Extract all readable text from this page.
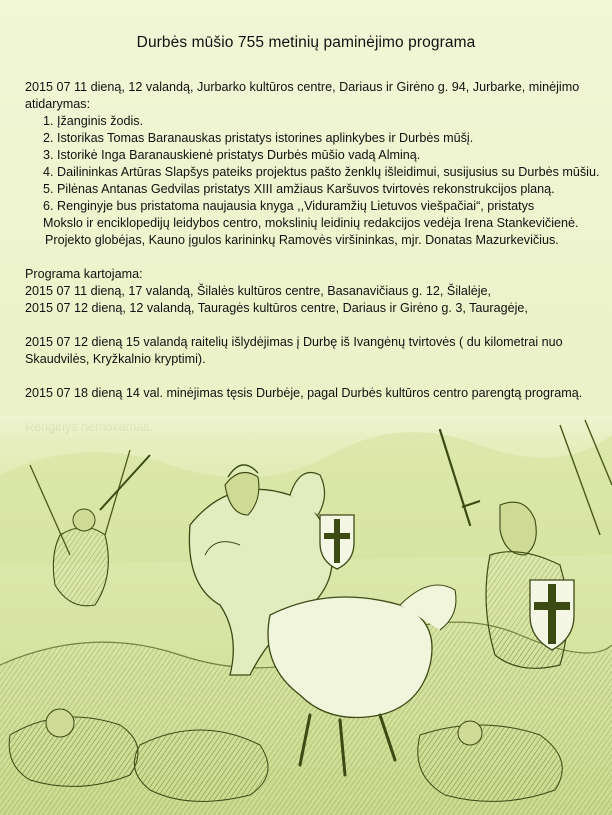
Durbės mūšio 755 metinių paminėjimo programa
2015 07 11 dieną, 12 valandą, Jurbarko kultūros centre, Dariaus ir Girėno g. 94, Jurbarke, minėjimo
atidarymas:
1. Įžanginis žodis.
2. Istorikas Tomas Baranauskas pristatys istorines aplinkybes ir Durbės mūšį.
3. Istorikė Inga Baranauskienė pristatys Durbės mūšio vadą Alminą.
4. Dailininkas Artūras Slapšys pateiks projektus pašto ženklų išleidimui, susijusius su Durbės mūšiu.
5. Pilėnas Antanas Gedvilas pristatys XIII amžiaus Karšuvos tvirtovės rekonstrukcijos planą.
6. Renginyje bus pristatoma naujausia knyga ,,Viduramžių Lietuvos viešpačiai“, pristatys
Mokslo ir enciklopedijų leidybos centro, mokslinių leidinių redakcijos vedėja Irena Stankevičienė.
Projekto globėjas, Kauno įgulos karininkų Ramovės viršininkas, mjr. Donatas Mazurkevičius.
Programa kartojama:
2015 07 11 dieną, 17 valandą, Šilalės kultūros centre, Basanavičiaus g. 12, Šilalėje,
2015 07 12 dieną, 12 valandą, Tauragės kultūros centre, Dariaus ir Girėno g. 3, Tauragėje,
2015 07 12 dieną 15 valandą raitelių išlydėjimas į Durbę iš Ivangėnų tvirtovės ( du kilometrai nuo
Skaudvilės, Kryžkalnio kryptimi).
2015 07 18 dieną 14 val. minėjimas tęsis Durbėje, pagal Durbės kultūros centro parengtą programą.
